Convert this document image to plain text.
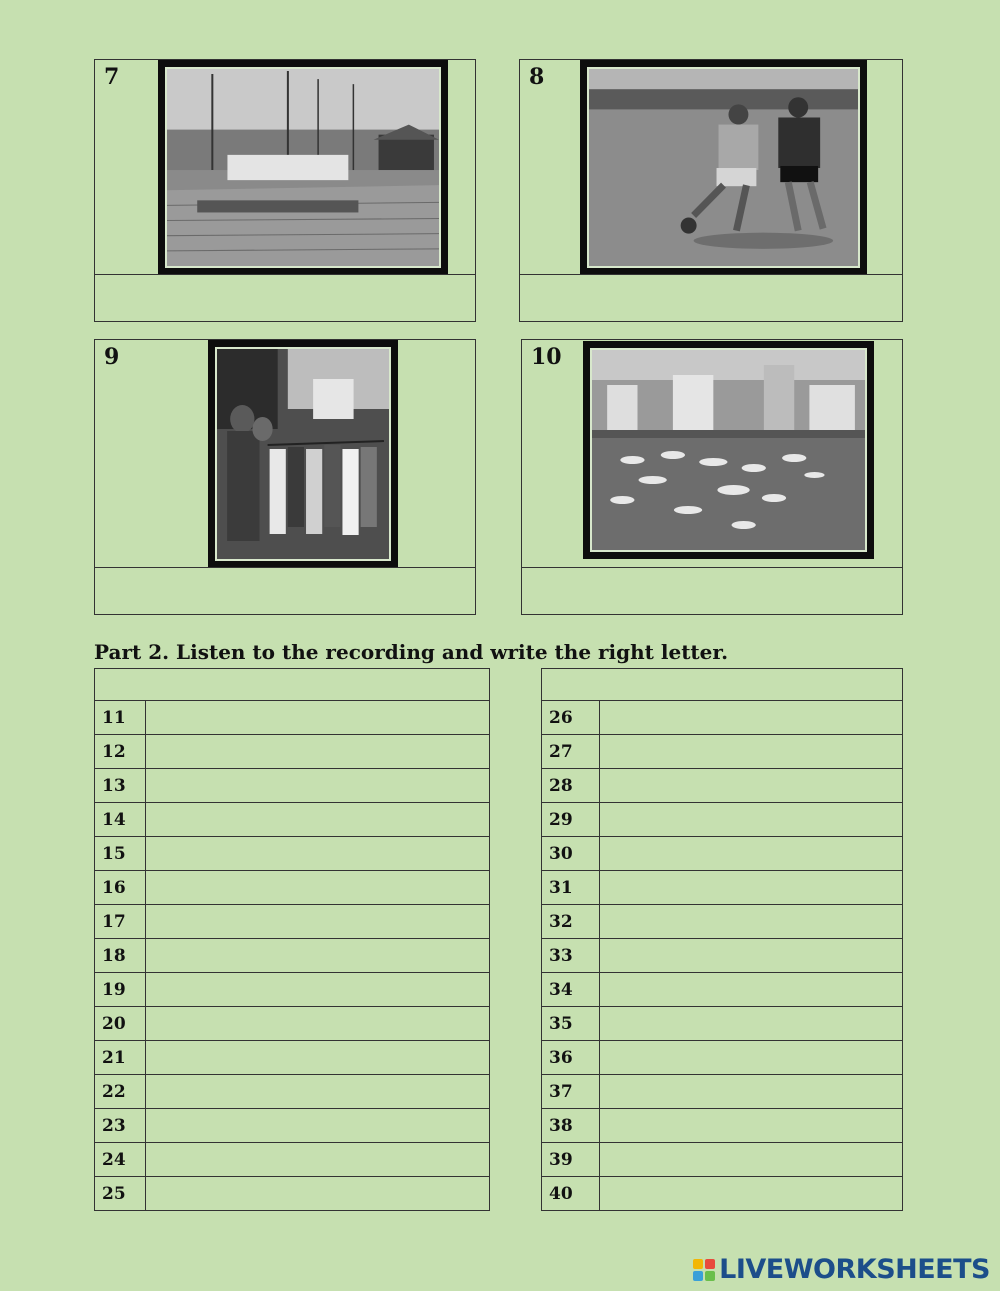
7	8
9	10

Part 2. Listen to the recording and write the right letter.

11	
12	
13	
14	
15	
16	
17	
18	
19	
20	
21	
22	
23	
24	
25	

26	
27	
28	
29	
30	
31	
32	
33	
34	
35	
36	
37	
38	
39	
40	
LIVEWORKSHEETS
